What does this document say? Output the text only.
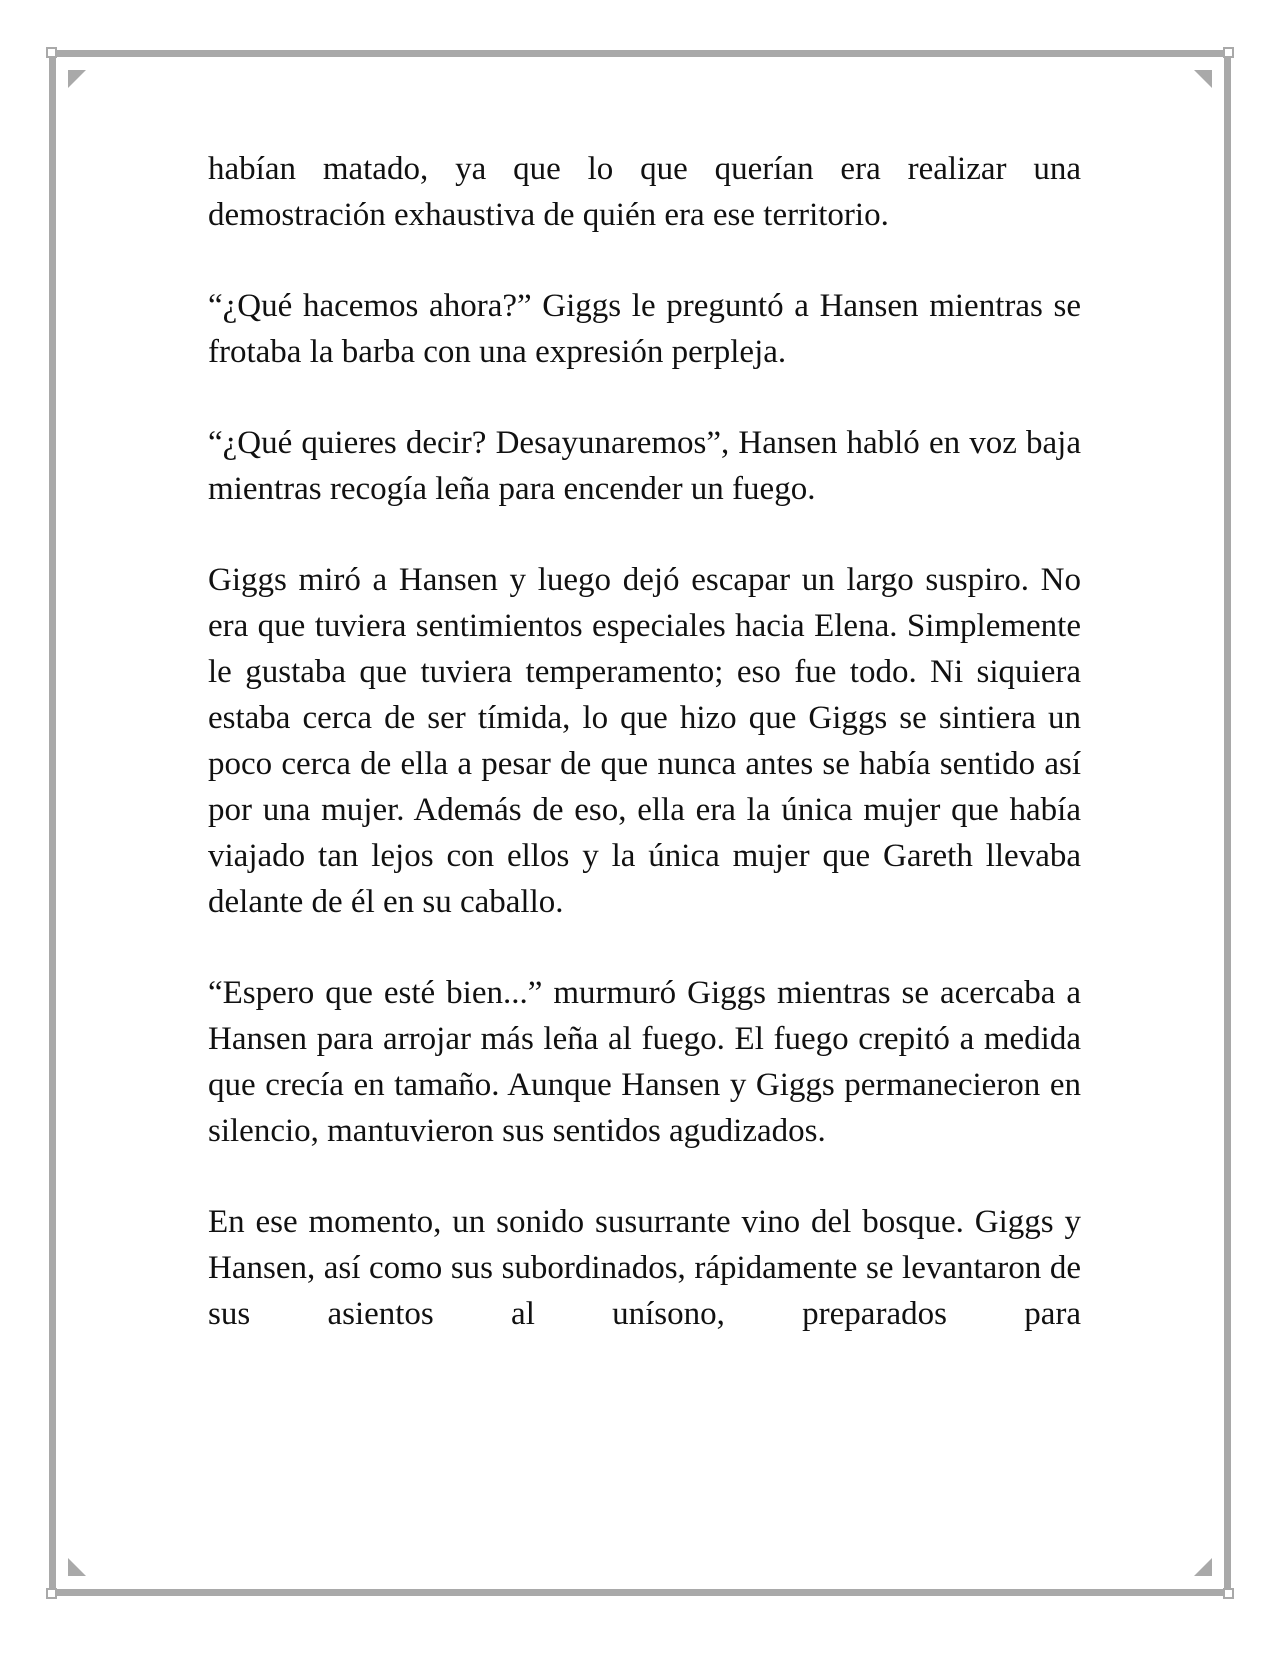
habían matado, ya que lo que querían era realizar una demostración exhaustiva de quién era ese territorio.

“¿Qué hacemos ahora?” Giggs le preguntó a Hansen mientras se frotaba la barba con una expresión perpleja.

“¿Qué quieres decir? Desayunaremos”, Hansen habló en voz baja mientras recogía leña para encender un fuego.

Giggs miró a Hansen y luego dejó escapar un largo suspiro. No era que tuviera sentimientos especiales hacia Elena. Simplemente le gustaba que tuviera temperamento; eso fue todo. Ni siquiera estaba cerca de ser tímida, lo que hizo que Giggs se sintiera un poco cerca de ella a pesar de que nunca antes se había sentido así por una mujer. Además de eso, ella era la única mujer que había viajado tan lejos con ellos y la única mujer que Gareth llevaba delante de él en su caballo.

“Espero que esté bien...” murmuró Giggs mientras se acercaba a Hansen para arrojar más leña al fuego. El fuego crepitó a medida que crecía en tamaño. Aunque Hansen y Giggs permanecieron en silencio, mantuvieron sus sentidos agudizados.

En ese momento, un sonido susurrante vino del bosque. Giggs y Hansen, así como sus subordinados, rápidamente se levantaron de sus asientos al unísono, preparados para
